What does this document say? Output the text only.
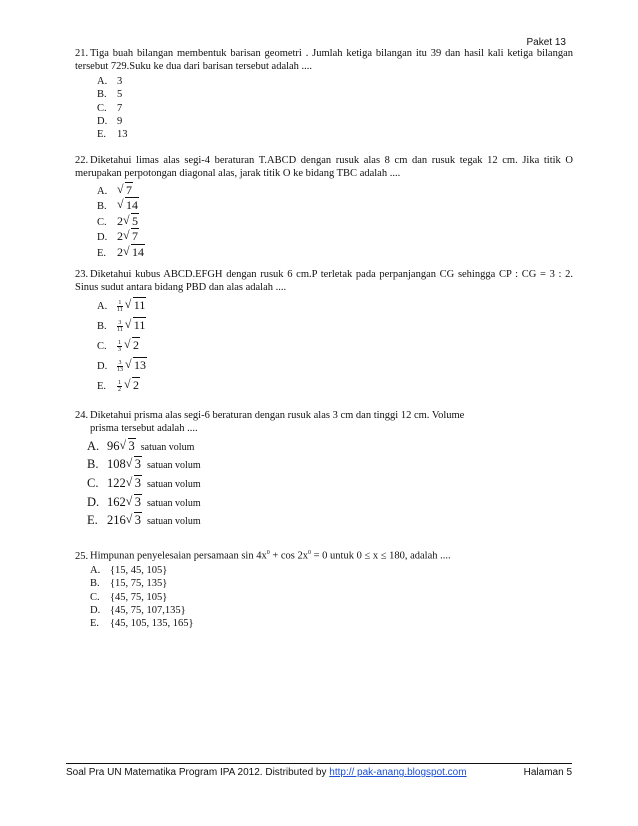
Paket 13
21. Tiga buah bilangan membentuk barisan geometri . Jumlah ketiga bilangan itu 39 dan hasil kali ketiga bilangan tersebut 729.Suku ke dua dari barisan tersebut adalah ....
A. 3
B. 5
C. 7
D. 9
E. 13
22. Diketahui limas alas segi-4 beraturan T.ABCD dengan rusuk alas 8 cm dan rusuk tegak 12 cm. Jika titik O merupakan perpotongan diagonal alas, jarak titik O ke bidang TBC adalah ....
A. √ 7
B. √ 14
C. 2 √ 5
D. 2 √ 7
E. 2 √ 14
23. Diketahui kubus ABCD.EFGH dengan rusuk 6 cm.P terletak pada perpanjangan CG sehingga CP : CG = 3 : 2. Sinus sudut antara bidang PBD dan alas adalah ....
A. $\frac{1}{11}$ √ 11
B. $\frac{3}{11}$ √ 11
C. $\frac{1}{3}$ √ 2
D. $\frac{3}{13}$ √ 13
E. $\frac{1}{2}$ √ 2
24. Diketahui prisma alas segi-6 beraturan dengan rusuk alas 3 cm dan tinggi 12 cm. Volume
prisma tersebut adalah ....
A. 96 √ 3 satuan volum
B. 108 √ 3 satuan volum
C. 122 √ 3 satuan volum
D. 162 √ 3 satuan volum
E. 216 √ 3 satuan volum
25. Himpunan penyelesaian persamaan $\sin 4x^0 + \cos 2x^0 = 0$ untuk 0 ≤ x ≤ 180, adalah ....
A. {15, 45, 105}
B. {15, 75, 135}
C. {45, 75, 105}
D. {45, 75, 107,135}
E. {45, 105, 135, 165}
Soal Pra UN Matematika Program IPA 2012. Distributed by http:// pak-anang.blogspot.com	Halaman 5
